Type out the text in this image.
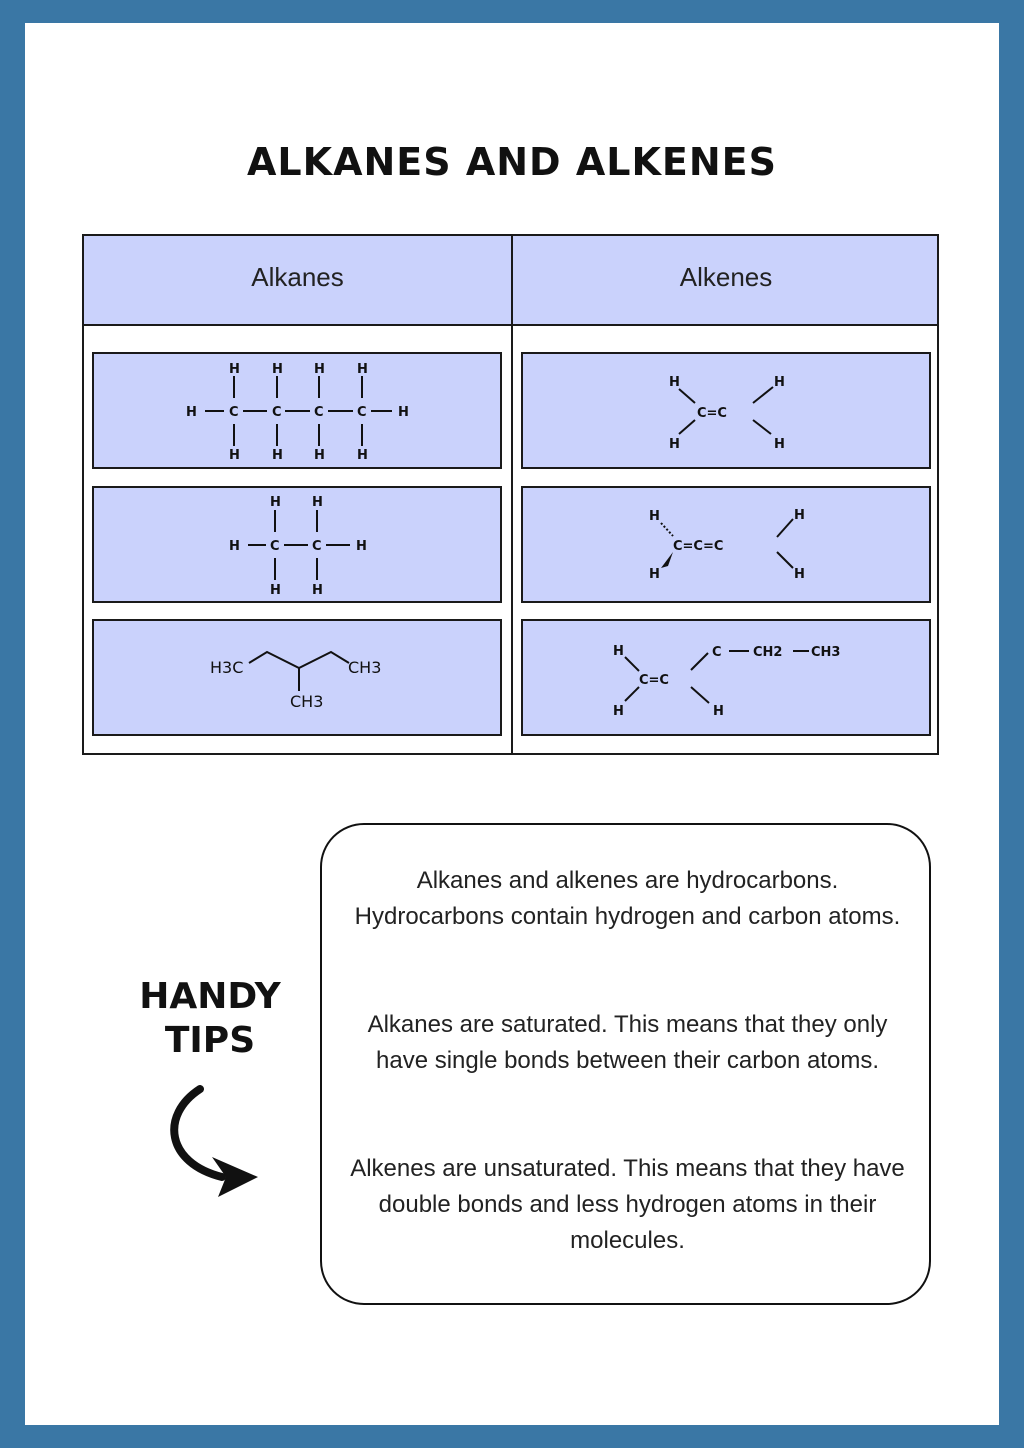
ALKANES AND ALKENES
Alkanes	Alkenes
H H H H
H C	C C	C H
H H H H
H H
H C C	H
H H
H3C	CH3
CH3
H	H
C=C
H	H
H	H
C=C=C
H	H
H
H
C=C
C CH2 CH3
H
HANDY
TIPS
Alkanes and alkenes are hydrocarbons. Hydrocarbons contain hydrogen and carbon atoms.
Alkanes are saturated. This means that they only have single bonds between their carbon atoms.
Alkenes are unsaturated. This means that they have double bonds and less hydrogen atoms in their molecules.
